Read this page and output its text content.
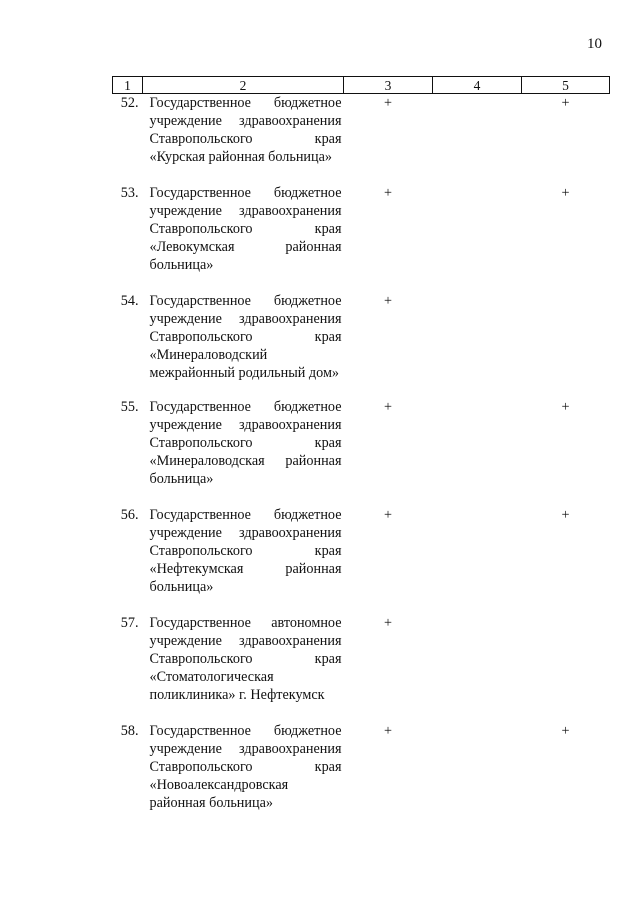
10
1	2	3	4	5
52.	Государственное бюджетное учреждение здравоохранения Ставропольского края «Курская районная больница»	+		+

53.	Государственное бюджетное учреждение здравоохранения Ставропольского края «Левокумская районная больница»	+		+

54.	Государственное бюджетное учреждение здравоохранения Ставропольского края «Минераловодский межрайонный родильный дом»	+		

55.	Государственное бюджетное учреждение здравоохранения Ставропольского края «Минераловодская районная больница»	+		+

56.	Государственное бюджетное учреждение здравоохранения Ставропольского края «Нефтекумская районная больница»	+		+

57.	Государственное автономное учреждение здравоохранения Ставропольского края «Стоматологическая поликлиника» г. Нефтекумск	+		

58.	Государственное бюджетное учреждение здравоохранения Ставропольского края «Новоалександровская районная больница»	+		+
